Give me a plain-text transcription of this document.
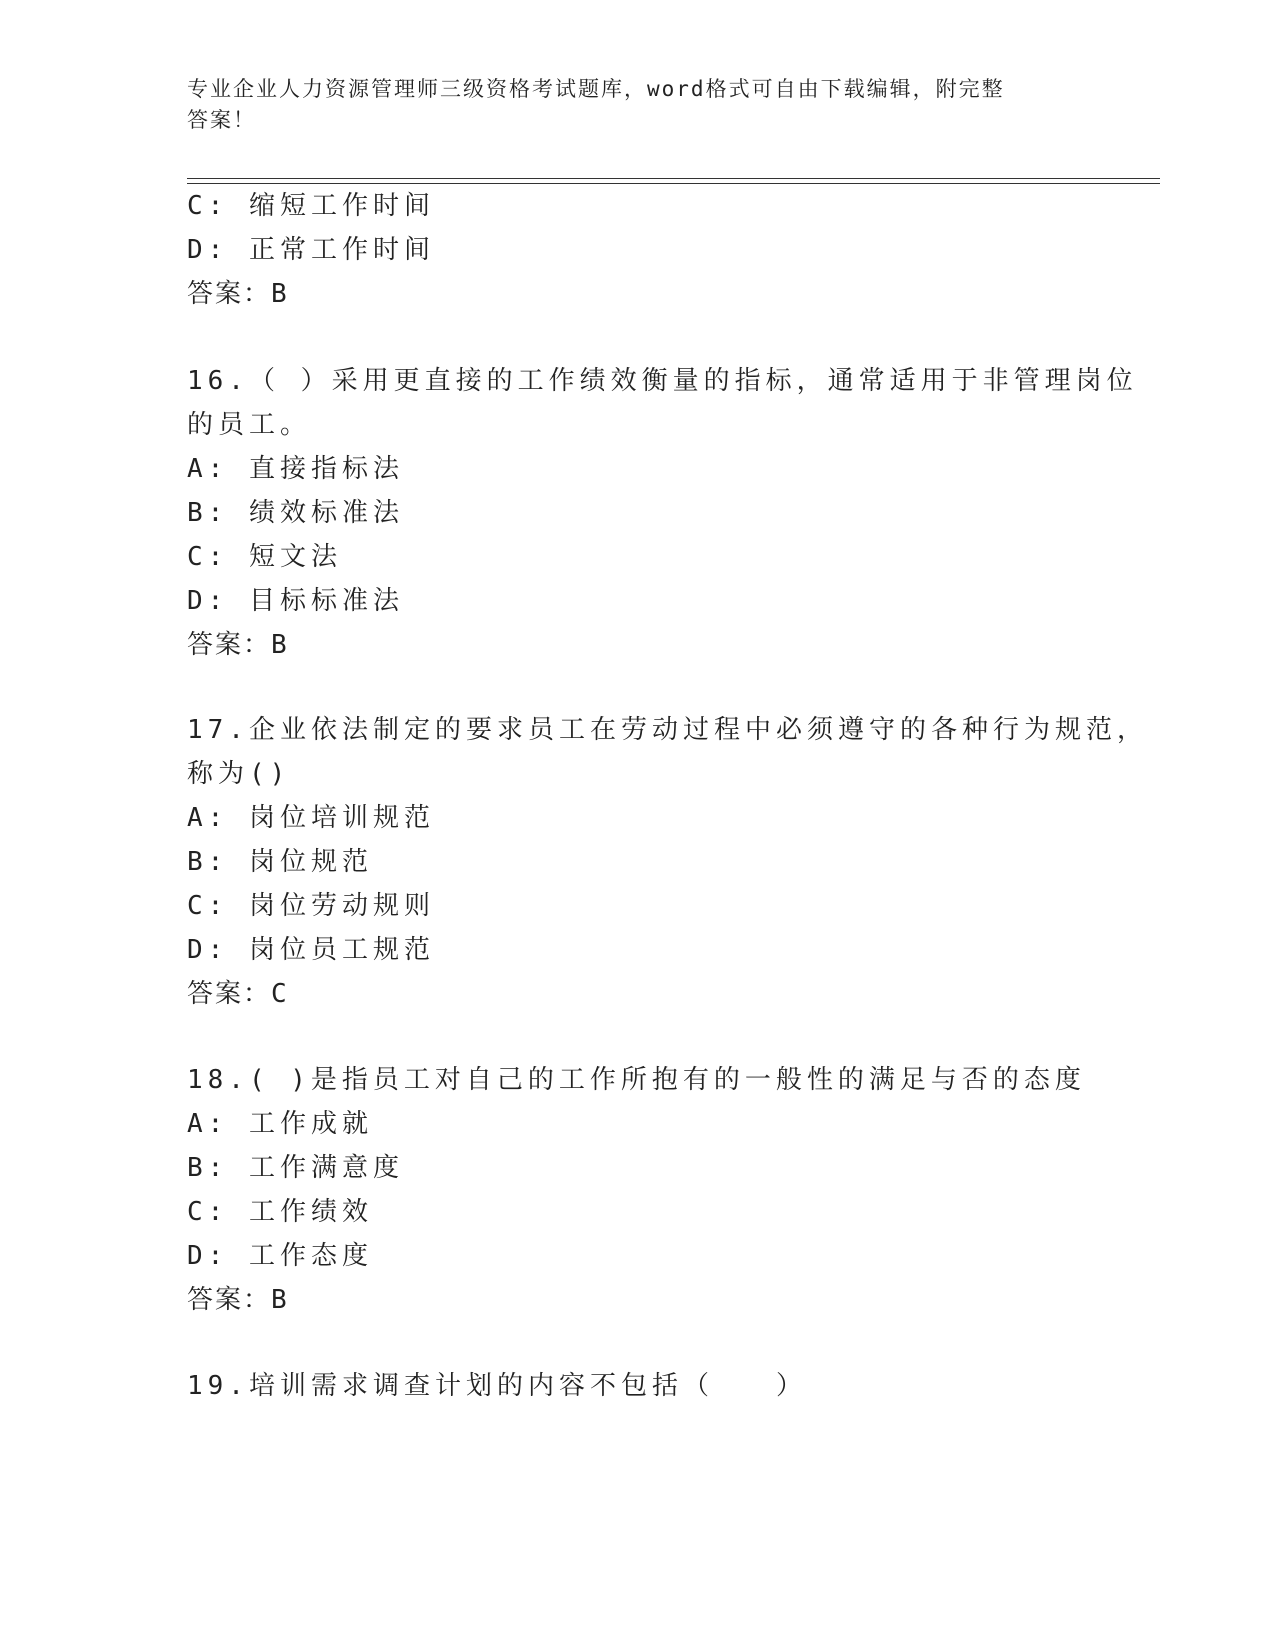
专业企业人力资源管理师三级资格考试题库，word格式可自由下载编辑，附完整
答案！
C: 缩短工作时间
D: 正常工作时间
答案：B
16.（ ）采用更直接的工作绩效衡量的指标，通常适用于非管理岗位
的员工。
A: 直接指标法
B: 绩效标准法
C: 短文法
D: 目标标准法
答案：B
17.企业依法制定的要求员工在劳动过程中必须遵守的各种行为规范，
称为()
A: 岗位培训规范
B: 岗位规范
C: 岗位劳动规则
D: 岗位员工规范
答案：C
18.( )是指员工对自己的工作所抱有的一般性的满足与否的态度
A: 工作成就
B: 工作满意度
C: 工作绩效
D: 工作态度
答案：B
19.培训需求调查计划的内容不包括（　　）
